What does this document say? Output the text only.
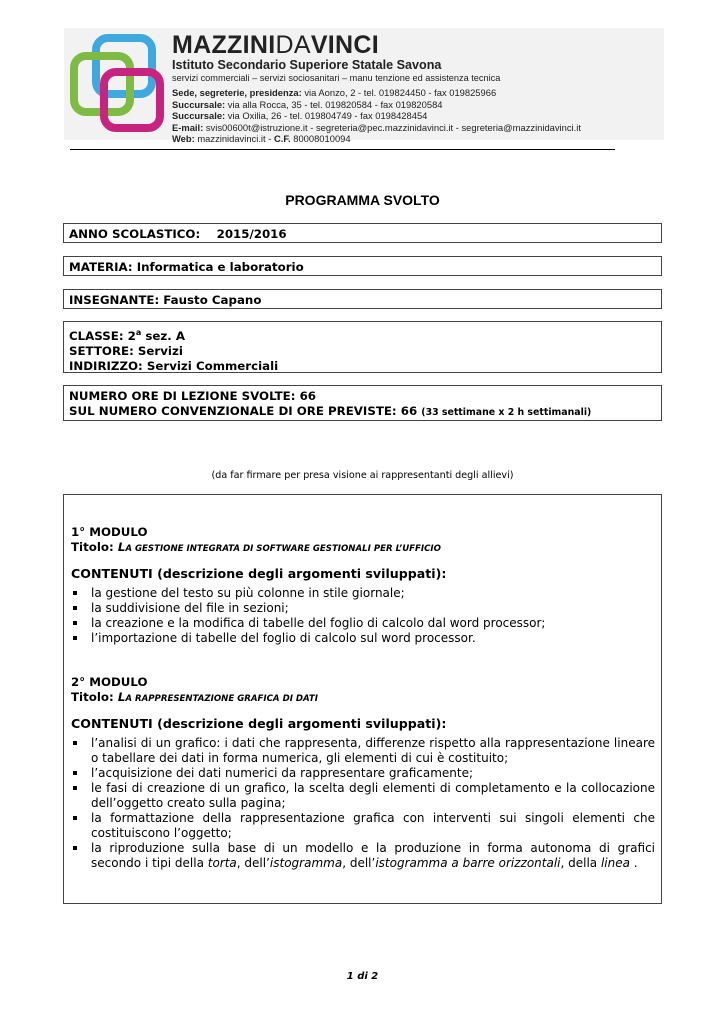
MAZZINIDAVINCI
Istituto Secondario Superiore Statale Savona
servizi commerciali – servizi sociosanitari – manu tenzione ed assistenza tecnica
Sede, segreterie, presidenza: via Aonzo, 2 - tel. 019824450 - fax 019825966
Succursale: via alla Rocca, 35 - tel. 019820584 - fax 019820584
Succursale: via Oxilia, 26 - tel. 019804749 - fax 0198428454
E-mail: svis00600t@istruzione.it - segreteria@pec.mazzinidavinci.it - segreteria@mazzinidavinci.it
Web: mazzinidavinci.it - C.F. 80008010094
PROGRAMMA SVOLTO
ANNO SCOLASTICO: 2015/2016
MATERIA: Informatica e laboratorio
INSEGNANTE: Fausto Capano
CLASSE: 2$^a$ sez. A
SETTORE: Servizi
INDIRIZZO: Servizi Commerciali
NUMERO ORE DI LEZIONE SVOLTE: 66
SUL NUMERO CONVENZIONALE DI ORE PREVISTE: 66 (33 settimane x 2 h settimanali)
(da far firmare per presa visione ai rappresentanti degli allievi)
1° MODULO
Titolo: LA GESTIONE INTEGRATA DI SOFTWARE GESTIONALI PER L’UFFICIO
CONTENUTI (descrizione degli argomenti sviluppati):
la gestione del testo su più colonne in stile giornale;
la suddivisione del file in sezioni;
la creazione e la modifica di tabelle del foglio di calcolo dal word processor;
l’importazione di tabelle del foglio di calcolo sul word processor.
2° MODULO
Titolo: LA RAPPRESENTAZIONE GRAFICA DI DATI
CONTENUTI (descrizione degli argomenti sviluppati):
l’analisi di un grafico: i dati che rappresenta, differenze rispetto alla rappresentazione lineare o tabellare dei dati in forma numerica, gli elementi di cui è costituito;
l’acquisizione dei dati numerici da rappresentare graficamente;
le fasi di creazione di un grafico, la scelta degli elementi di completamento e la collocazione dell’oggetto creato sulla pagina;
la formattazione della rappresentazione grafica con interventi sui singoli elementi che costituiscono l’oggetto;
la riproduzione sulla base di un modello e la produzione in forma autonoma di grafici secondo i tipi della torta, dell’istogramma, dell’istogramma a barre orizzontali, della linea .
1 di 2
